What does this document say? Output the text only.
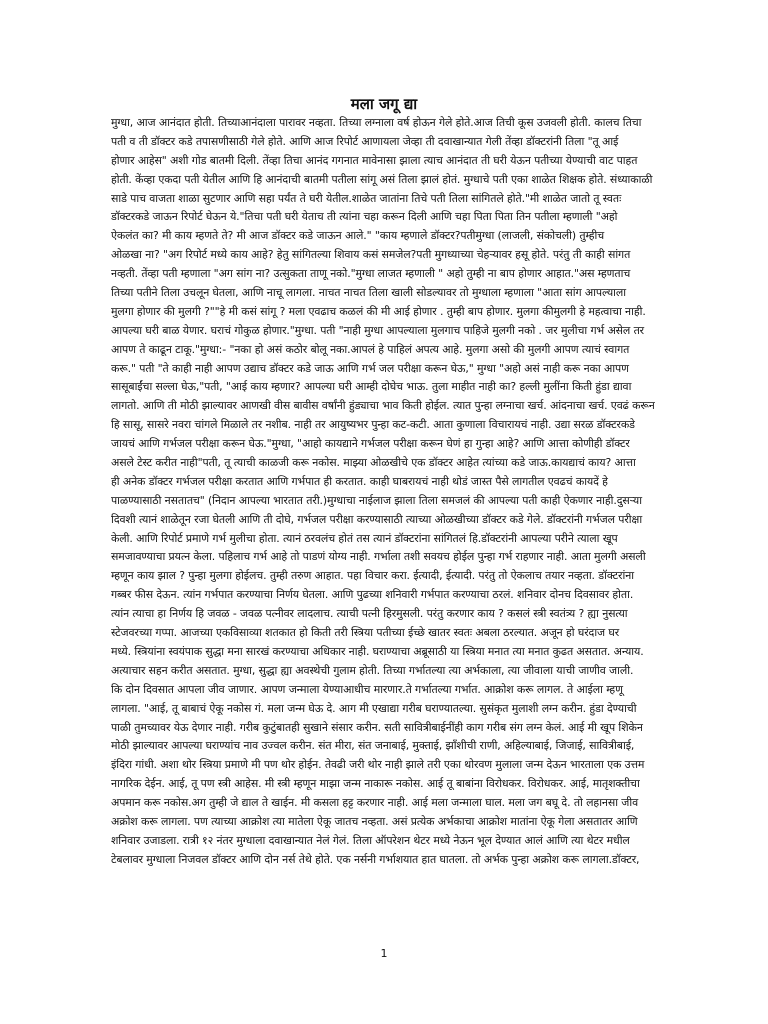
मला जगू द्या
मुग्धा, आज आनंदात होती. तिच्याआनंदाला पारावर नव्हता. तिच्या लग्नाला वर्ष होऊन गेले होते.आज तिची कूस उजवली होती. कालच तिचा
पती व ती डॉक्टर कडे तपासणीसाठी गेले होते. आणि आज रिपोर्ट आणायला जेव्हा ती दवाखान्यात गेली तेंव्हा डॉक्टरांनी तिला "तू आई
होणार आहेस" अशी गोड बातमी दिली. तेंव्हा तिचा आनंद गगनात मावेनासा झाला त्याच आनंदात ती घरी येऊन पतीच्या येण्याची वाट पाहत
होती. केंव्हा एकदा पती येतील आणि हि आनंदाची बातमी पतीला सांगू असं तिला झालं होतं. मुग्धाचे पती एका शाळेत शिक्षक होते. संध्याकाळी
साडे पाच वाजता शाळा सुटणार आणि सहा पर्यंत ते घरी येतील.शाळेत जातांना तिचे पती तिला सांगितले होते."मी शाळेत जातो तू स्वतः
डॉक्टरकडे जाऊन रिपोर्ट घेऊन ये."तिचा पती घरी येताच ती त्यांना चहा करून दिली आणि चहा पिता पिता तिन पतीला म्हणाली "अहो
ऐकलंत का? मी काय म्हणते ते? मी आज डॉक्टर कडे जाऊन आले." "काय म्हणाले डॉक्टर?पतीमुग्धा (लाजली, संकोचली) तुम्हीच
ओळखा ना? "अग रिपोर्ट मध्ये काय आहे? हेतु सांगितल्या शिवाय कसं समजेल?पती मुगध्याच्या चेहऱ्यावर हसू होते. परंतु ती काही सांगत
नव्हती. तेंव्हा पती म्हणाला "अग सांग ना? उत्सुकता ताणू नको."मुग्धा लाजत म्हणाली " अहो तुम्ही ना बाप होणार आहात."अस म्हणताच
तिच्या पतीने तिला उचलून घेतला, आणि नाचू लागला. नाचत नाचत तिला खाली सोडल्यावर तो मुग्धाला म्हणाला "आता सांग आपल्याला
मुलगा होणार की मुलगी ?""हे मी कसं सांगू ? मला एवढाच कळलं की मी आई होणार . तुम्ही बाप होणार. मुलगा कीमुलगी हे महत्वाचा नाही.
आपल्या घरी बाळ येणार. घराचं गोकुळ होणार."मुग्धा. पती "नाही मुग्धा आपल्याला मुलगाच पाहिजे मुलगी नको . जर मुलीचा गर्भ असेल तर
आपण ते काढून टाकू."मुग्धा:- "नका हो असं कठोर बोलू नका.आपलं हे पाहिलं अपत्य आहे. मुलगा असो की मुलगी आपण त्याचं स्वागत
करू." पती "ते काही नाही आपण उद्याच डॉक्टर कडे जाऊ आणि गर्भ जल परीक्षा करून घेऊ," मुग्धा "अहो असं नाही करू नका आपण
सासूबाईंचा सल्ला घेऊ,"पती, "आई काय म्हणार? आपल्या घरी आम्ही दोघेच भाऊ. तुला माहीत नाही का? हल्ली मुलींना किती हुंडा द्यावा
लागतो. आणि ती मोठी झाल्यावर आणखी वीस बावीस वर्षांनी हुंड्याचा भाव किती होईल. त्यात पुन्हा लग्नाचा खर्च. आंदनाचा खर्च. एवढं करून
हि सासू, सासरे नवरा चांगले मिळाले तर नशीब. नाही तर आयुष्यभर पुन्हा कट-कटी. आता कुणाला विचारायचं नाही. उद्या सरळ डॉक्टरकडे
जायचं आणि गर्भजल परीक्षा करून घेऊ."मुग्धा, "आहो कायद्याने गर्भजल परीक्षा करून घेणं हा गुन्हा आहे? आणि आत्ता कोणीही डॉक्टर
असले टेस्ट करीत नाही"पती, तू त्याची काळजी करू नकोस. माझ्या ओळखीचे एक डॉक्टर आहेत त्यांच्या कडे जाऊ.कायद्याचं काय? आत्ता
ही अनेक डॉक्टर गर्भजल परीक्षा करतात आणि गर्भपात ही करतात. काही घाबरायचं नाही थोडं जास्त पैसे लागतील एवढचं कायदें हे
पाळण्यासाठी नसतातच" (निदान आपल्या भारतात तरी.)मुग्धाचा नाईलाज झाला तिला समजलं की आपल्या पती काही ऐकणार नाही.दुसऱ्या
दिवशी त्यानं शाळेतून रजा घेतली आणि ती दोघे, गर्भजल परीक्षा करण्यासाठी त्याच्या ओळखीच्या डॉक्टर कडे गेले. डॉक्टरांनी गर्भजल परीक्षा
केली. आणि रिपोर्ट प्रमाणे गर्भ मुलीचा होता. त्यानं ठरवलंच होतं तस त्यानं डॉक्टरांना सांगितलं हि.डॉक्टरांनी आपल्या परीने त्याला खूप
समजावण्याचा प्रयत्न केला. पहिलाच गर्भ आहे तो पाडणं योग्य नाही. गर्भाला तशी सवयच होईल पुन्हा गर्भ राहणार नाही. आता मुलगी असली
म्हणून काय झाल ? पुन्हा मुलगा होईलच. तुम्ही तरुण आहात. पहा विचार करा. ईत्यादी, ईत्यादी. परंतु तो ऐकलाच तयार नव्हता. डॉक्टरांना
गब्बर फीस देऊन. त्यांन गर्भपात करण्याचा निर्णय घेतला. आणि पुढच्या शनिवारी गर्भपात करण्याचा ठरलं. शनिवार दोनच दिवसावर होता.
त्यांन त्याचा हा निर्णय हि जवळ - जवळ पत्नीवर लादलाच. त्याची पत्नी हिरमुसली. परंतु करणार काय ? कसलं स्त्री स्वतंत्र्य ? ह्या नुसत्या
स्टेजवरच्या गप्पा. आजच्या एकविसाव्या शतकात हो किती तरी स्त्रिया पतीच्या ईच्छे खातर स्वतः अबला ठरल्यात. अजून हो घरंदाज घर
मध्ये. स्त्रियांना स्वयंपाक सुद्धा मना सारखं करण्याचा अधिकार नाही. घराण्याचा अब्रूसाठी या स्त्रिया मनात त्या मनात कुढत असतात. अन्याय.
अत्याचार सहन करीत असतात. मुग्धा, सुद्धा ह्या अवस्थेची गुलाम होती. तिच्या गर्भातल्या त्या अर्भकाला, त्या जीवाला याची जाणीव जाली.
कि दोन दिवसात आपला जीव जाणार. आपण जन्माला येण्याआधीच मारणार.ते गर्भातल्या गर्भात. आक्रोश करू लागल. ते आईला म्हणू
लागला. "आई, तू बाबाचं ऐकू नकोस गं. मला जन्म घेऊ दे. आग मी एखाद्या गरीब घराण्यातल्या. सुसंकृत मुलाशी लग्न करीन. हुंडा देण्याची
पाळी तुमच्यावर येऊ देणार नाही. गरीब कुटुंबातही सुखाने संसार करीन. सती सावित्रीबाईनींही काग गरीब संग लग्न केलं. आई मी खूप शिकेन
मोठी झाल्यावर आपल्या घराण्यांच नाव उज्वल करीन. संत मीरा, संत जनाबाई, मुक्ताई, झाँशीची राणी, अहिल्याबाई, जिजाई, सावित्रीबाई,
इंदिरा गांधी. अशा थोर स्त्रिया प्रमाणे मी पण थोर होईन. तेवढी जरी थोर नाही झाले तरी एका थोरवण मुलाला जन्म देऊन भारताला एक उत्तम
नागरिक देईन. आई, तू पण स्त्री आहेस. मी स्त्री म्हणून माझा जन्म नाकारू नकोस. आई तू बाबांना विरोधकर. विरोधकर. आई, मातृशक्तीचा
अपमान करू नकोस.अग तुम्ही जे द्याल ते खाईन. मी कसला हट्ट करणार नाही. आई मला जन्माला घाल. मला जग बघू दे. तो लहानसा जीव
अक्रोश करू लागला. पण त्याच्या आक्रोश त्या मातेला ऐकू जातच नव्हता. असं प्रत्येक अर्भकाचा आक्रोश मातांना ऐकू गेला असतातर आणि
शनिवार उजाडला. रात्री १२ नंतर मुग्धाला दवाखान्यात नेलं गेलं. तिला ऑपरेशन थेटर मध्ये नेऊन भूल देण्यात आलं आणि त्या थेटर मधील
टेबलावर मुग्धाला निजवल डॉक्टर आणि दोन नर्स तेथे होते. एक नर्सनी गर्भाशयात हात घातला. तो अर्भक पुन्हा अक्रोश करू लागला.डॉक्टर,
1
